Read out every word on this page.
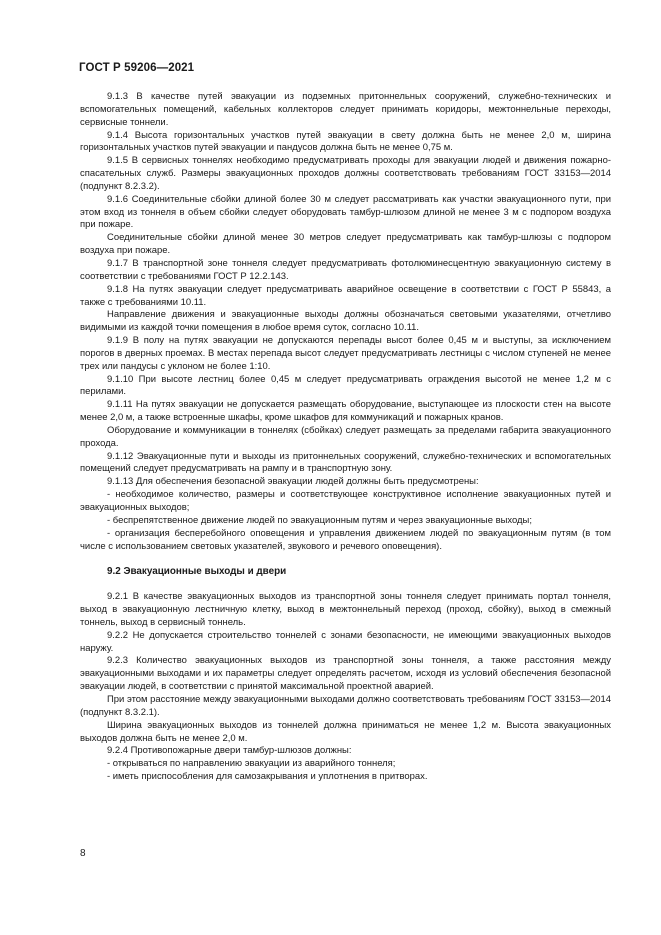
ГОСТ Р 59206—2021

9.1.3 В качестве путей эвакуации из подземных притоннельных сооружений, служебно-технических и вспомогательных помещений, кабельных коллекторов следует принимать коридоры, межтоннельные переходы, сервисные тоннели.

9.1.4 Высота горизонтальных участков путей эвакуации в свету должна быть не менее 2,0 м, ширина горизонтальных участков путей эвакуации и пандусов должна быть не менее 0,75 м.

9.1.5 В сервисных тоннелях необходимо предусматривать проходы для эвакуации людей и движения пожарно-спасательных служб. Размеры эвакуационных проходов должны соответствовать требованиям ГОСТ 33153—2014 (подпункт 8.2.3.2).

9.1.6 Соединительные сбойки длиной более 30 м следует рассматривать как участки эвакуационного пути, при этом вход из тоннеля в объем сбойки следует оборудовать тамбур-шлюзом длиной не менее 3 м с подпором воздуха при пожаре.

Соединительные сбойки длиной менее 30 метров следует предусматривать как тамбур-шлюзы с подпором воздуха при пожаре.

9.1.7 В транспортной зоне тоннеля следует предусматривать фотолюминесцентную эвакуационную систему в соответствии с требованиями ГОСТ Р 12.2.143.

9.1.8 На путях эвакуации следует предусматривать аварийное освещение в соответствии с ГОСТ Р 55843, а также с требованиями 10.11.

Направление движения и эвакуационные выходы должны обозначаться световыми указателями, отчетливо видимыми из каждой точки помещения в любое время суток, согласно 10.11.

9.1.9 В полу на путях эвакуации не допускаются перепады высот более 0,45 м и выступы, за исключением порогов в дверных проемах. В местах перепада высот следует предусматривать лестницы с числом ступеней не менее трех или пандусы с уклоном не более 1:10.

9.1.10 При высоте лестниц более 0,45 м следует предусматривать ограждения высотой не менее 1,2 м с перилами.

9.1.11 На путях эвакуации не допускается размещать оборудование, выступающее из плоскости стен на высоте менее 2,0 м, а также встроенные шкафы, кроме шкафов для коммуникаций и пожарных кранов.

Оборудование и коммуникации в тоннелях (сбойках) следует размещать за пределами габарита эвакуационного прохода.

9.1.12 Эвакуационные пути и выходы из притоннельных сооружений, служебно-технических и вспомогательных помещений следует предусматривать на рампу и в транспортную зону.

9.1.13 Для обеспечения безопасной эвакуации людей должны быть предусмотрены:

- необходимое количество, размеры и соответствующее конструктивное исполнение эвакуационных путей и эвакуационных выходов;

- беспрепятственное движение людей по эвакуационным путям и через эвакуационные выходы;

- организация бесперебойного оповещения и управления движением людей по эвакуационным путям (в том числе с использованием световых указателей, звукового и речевого оповещения).

9.2 Эвакуационные выходы и двери

9.2.1 В качестве эвакуационных выходов из транспортной зоны тоннеля следует принимать портал тоннеля, выход в эвакуационную лестничную клетку, выход в межтоннельный переход (проход, сбойку), выход в смежный тоннель, выход в сервисный тоннель.

9.2.2 Не допускается строительство тоннелей с зонами безопасности, не имеющими эвакуационных выходов наружу.

9.2.3 Количество эвакуационных выходов из транспортной зоны тоннеля, а также расстояния между эвакуационными выходами и их параметры следует определять расчетом, исходя из условий обеспечения безопасной эвакуации людей, в соответствии с принятой максимальной проектной аварией.

При этом расстояние между эвакуационными выходами должно соответствовать требованиям ГОСТ 33153—2014 (подпункт 8.3.2.1).

Ширина эвакуационных выходов из тоннелей должна приниматься не менее 1,2 м. Высота эвакуационных выходов должна быть не менее 2,0 м.

9.2.4 Противопожарные двери тамбур-шлюзов должны:

- открываться по направлению эвакуации из аварийного тоннеля;

- иметь приспособления для самозакрывания и уплотнения в притворах.

8
